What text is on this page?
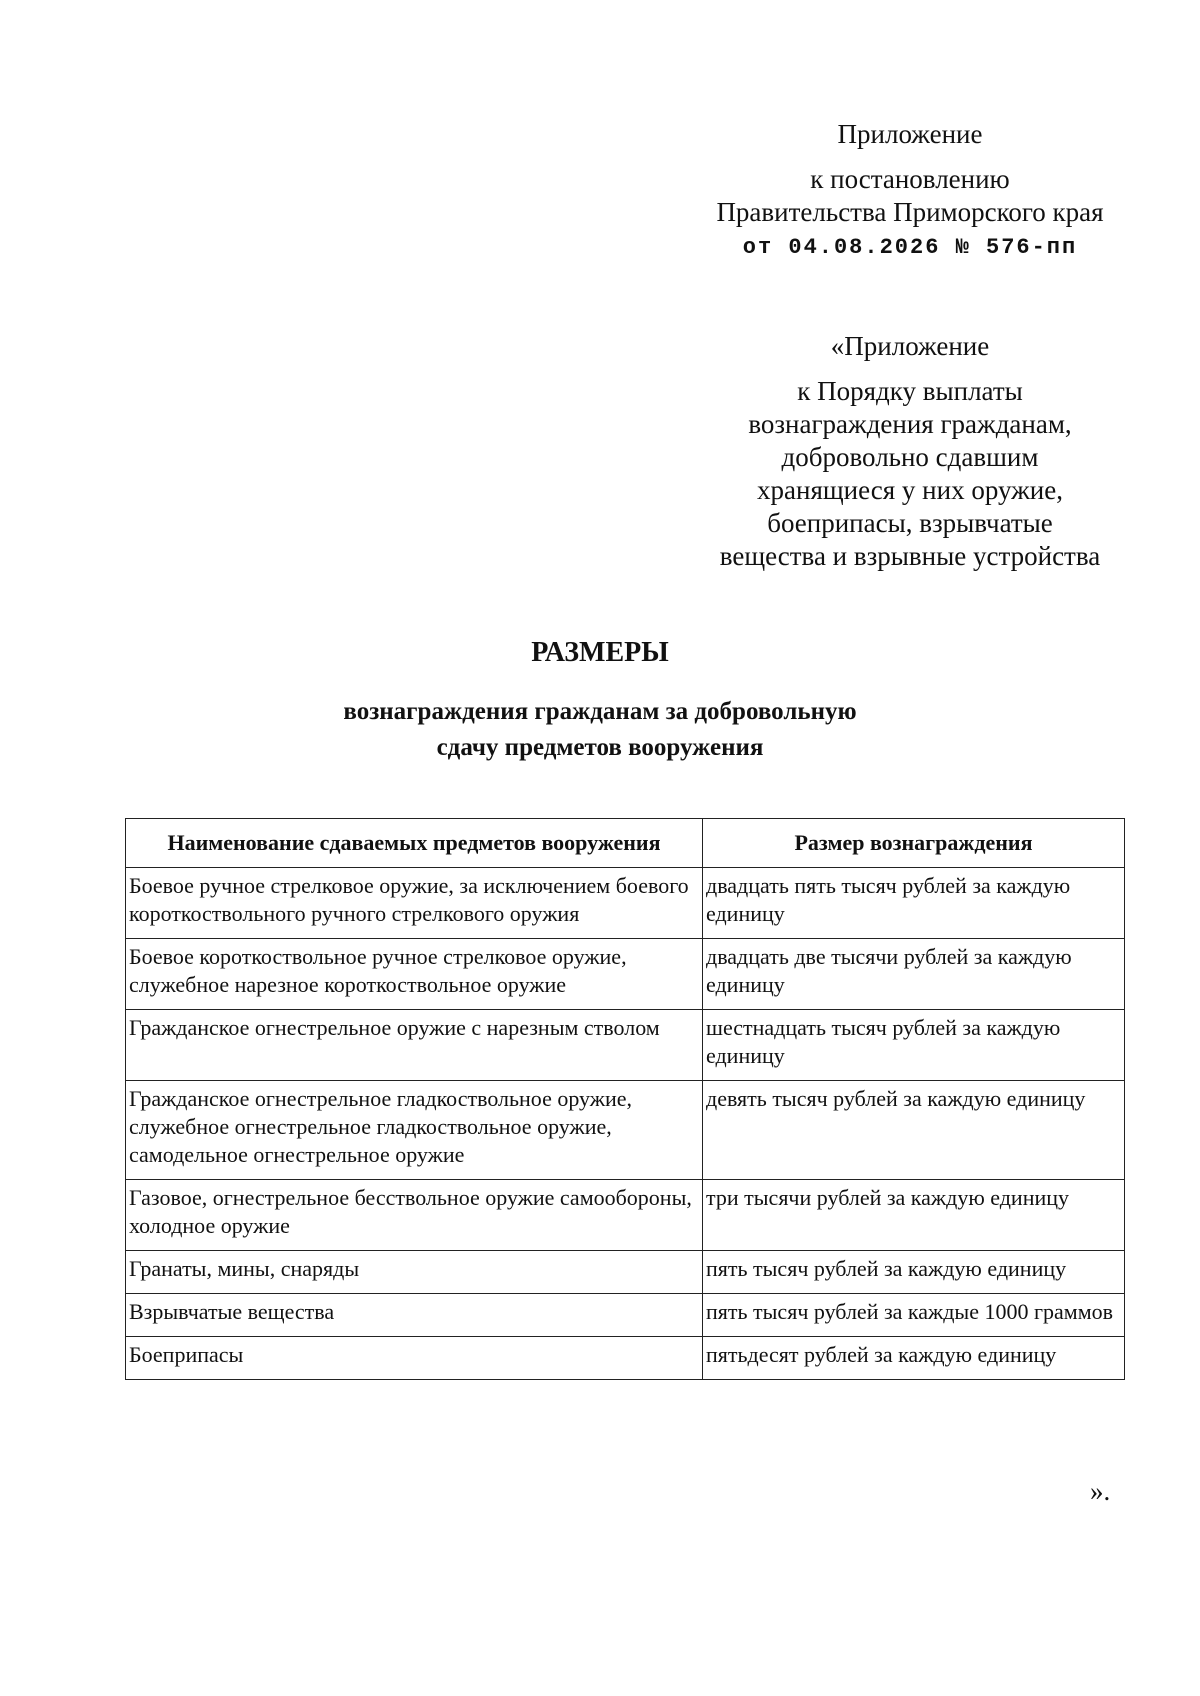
Приложение
к постановлению
Правительства Приморского края
от 04.08.2026 № 576-пп
«Приложение
к Порядку выплаты
вознаграждения гражданам,
добровольно сдавшим
хранящиеся у них оружие,
боеприпасы, взрывчатые
вещества и взрывные устройства
РАЗМЕРЫ
вознаграждения гражданам за добровольную
сдачу предметов вооружения
Наименование сдаваемых предметов вооружения	Размер вознаграждения
Боевое ручное стрелковое оружие, за исключением боевого короткоствольного ручного стрелкового оружия	двадцать пять тысяч рублей за каждую единицу
Боевое короткоствольное ручное стрелковое оружие, служебное нарезное короткоствольное оружие	двадцать две тысячи рублей за каждую единицу
Гражданское огнестрельное оружие с нарезным стволом	шестнадцать тысяч рублей за каждую единицу
Гражданское огнестрельное гладкоствольное оружие, служебное огнестрельное гладкоствольное оружие, самодельное огнестрельное оружие	девять тысяч рублей за каждую единицу
Газовое, огнестрельное бесствольное оружие самообороны, холодное оружие	три тысячи рублей за каждую единицу
Гранаты, мины, снаряды	пять тысяч рублей за каждую единицу
Взрывчатые вещества	пять тысяч рублей за каждые 1000 граммов
Боеприпасы	пятьдесят рублей за каждую единицу
».
